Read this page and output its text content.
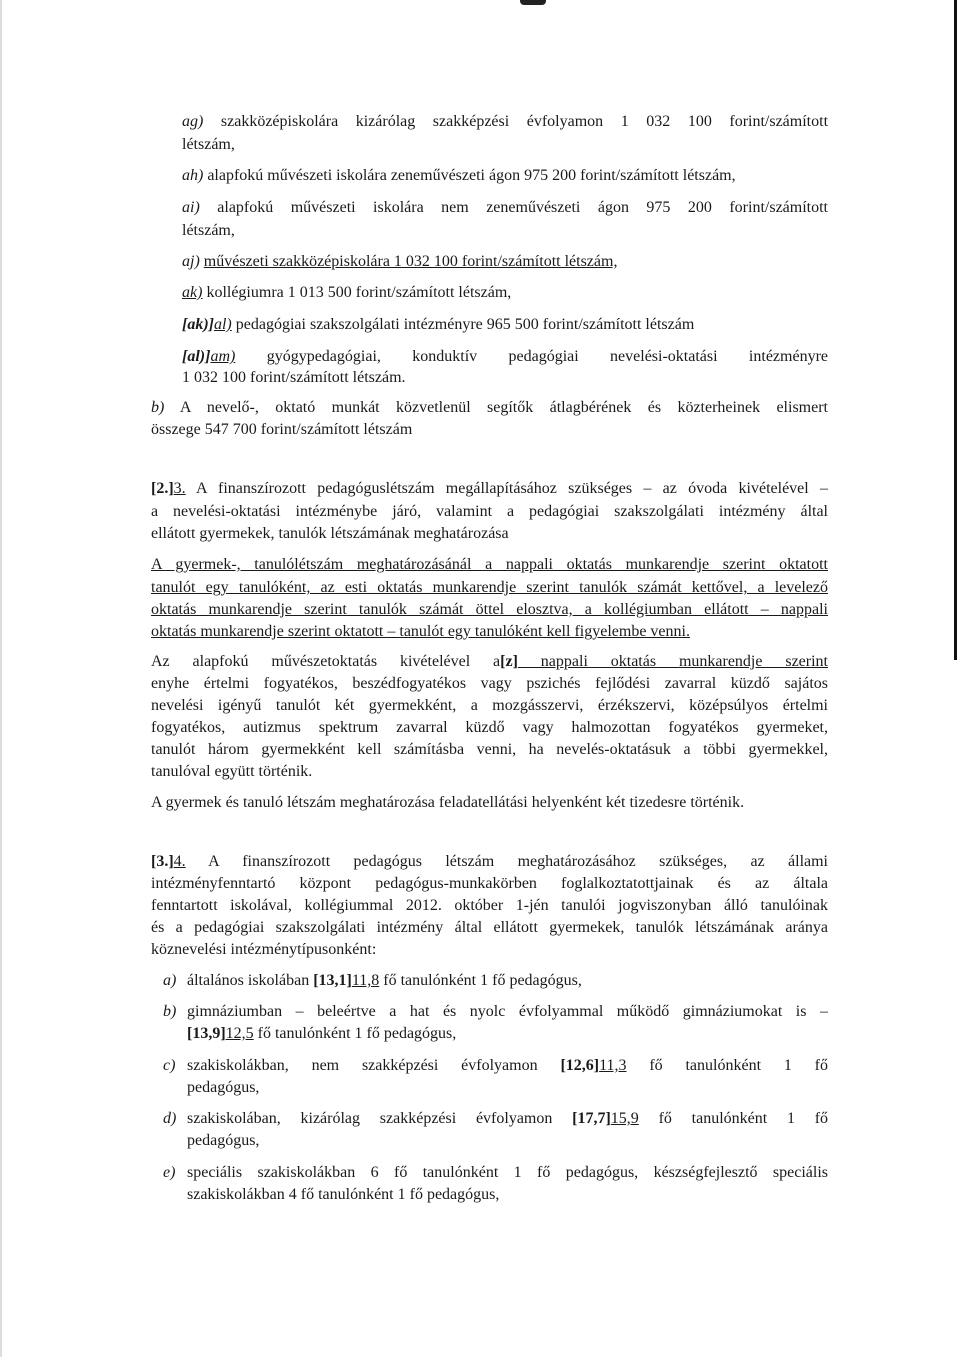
ag) szakközépiskolára kizárólag szakképzési évfolyamon 1 032 100 forint/számított
létszám,
ah) alapfokú művészeti iskolára zeneművészeti ágon 975 200 forint/számított létszám,
ai) alapfokú művészeti iskolára nem zeneművészeti ágon 975 200 forint/számított
létszám,
aj) művészeti szakközépiskolára 1 032 100 forint/számított létszám,
ak) kollégiumra 1 013 500 forint/számított létszám,
[ak)]al) pedagógiai szakszolgálati intézményre 965 500 forint/számított létszám
[al)]am) gyógypedagógiai, konduktív pedagógiai nevelési-oktatási intézményre
1 032 100 forint/számított létszám.
b) A nevelő-, oktató munkát közvetlenül segítők átlagbérének és közterheinek elismert
összege 547 700 forint/számított létszám
[2.]3. A finanszírozott pedagóguslétszám megállapításához szükséges – az óvoda kivételével –
a nevelési-oktatási intézménybe járó, valamint a pedagógiai szakszolgálati intézmény által
ellátott gyermekek, tanulók létszámának meghatározása
A gyermek-, tanulólétszám meghatározásánál a nappali oktatás munkarendje szerint oktatott
tanulót egy tanulóként, az esti oktatás munkarendje szerint tanulók számát kettővel, a levelező
oktatás munkarendje szerint tanulók számát öttel elosztva, a kollégiumban ellátott – nappali
oktatás munkarendje szerint oktatott – tanulót egy tanulóként kell figyelembe venni.
Az alapfokú művészetoktatás kivételével a[z] nappali oktatás munkarendje szerint
enyhe értelmi fogyatékos, beszédfogyatékos vagy pszichés fejlődési zavarral küzdő sajátos
nevelési igényű tanulót két gyermekként, a mozgásszervi, érzékszervi, középsúlyos értelmi
fogyatékos, autizmus spektrum zavarral küzdő vagy halmozottan fogyatékos gyermeket,
tanulót három gyermekként kell számításba venni, ha nevelés-oktatásuk a többi gyermekkel,
tanulóval együtt történik.
A gyermek és tanuló létszám meghatározása feladatellátási helyenként két tizedesre történik.
[3.]4. A finanszírozott pedagógus létszám meghatározásához szükséges, az állami
intézményfenntartó központ pedagógus-munkakörben foglalkoztatottjainak és az általa
fenntartott iskolával, kollégiummal 2012. október 1-jén tanulói jogviszonyban álló tanulóinak
és a pedagógiai szakszolgálati intézmény által ellátott gyermekek, tanulók létszámának aránya
köznevelési intézménytípusonként:
a) általános iskolában [13,1]11,8 fő tanulónként 1 fő pedagógus,
b) gimnáziumban – beleértve a hat és nyolc évfolyammal működő gimnáziumokat is –
[13,9]12,5 fő tanulónként 1 fő pedagógus,
c) szakiskolákban, nem szakképzési évfolyamon [12,6]11,3 fő tanulónként 1 fő
pedagógus,
d) szakiskolában, kizárólag szakképzési évfolyamon [17,7]15,9 fő tanulónként 1 fő
pedagógus,
e) speciális szakiskolákban 6 fő tanulónként 1 fő pedagógus, készségfejlesztő speciális
szakiskolákban 4 fő tanulónként 1 fő pedagógus,
